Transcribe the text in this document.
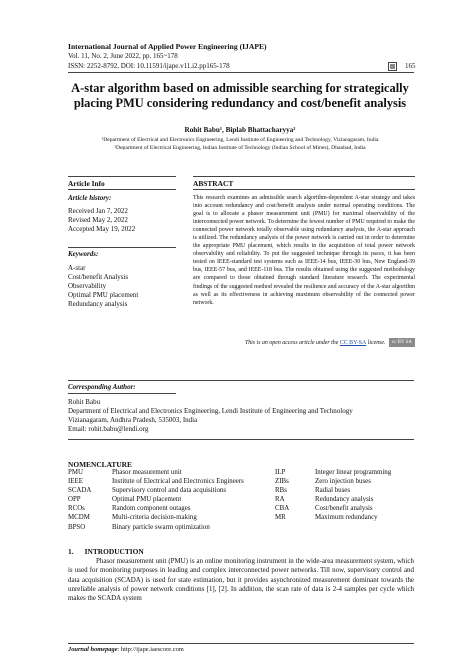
International Journal of Applied Power Engineering (IJAPE)
Vol. 11, No. 2, June 2022, pp. 165~178
ISSN: 2252-8792, DOI: 10.11591/ijape.v11.i2.pp165-178	165
A-star algorithm based on admissible searching for strategically placing PMU considering redundancy and cost/benefit analysis
Rohit Babu¹, Biplab Bhattacharyya²
¹Department of Electrical and Electronics Engineering, Lendi Institute of Engineering and Technology, Vizianagaram, India
²Department of Electrical Engineering, Indian Institute of Technology (Indian School of Mines), Dhanbad, India
Article Info	ABSTRACT
Article history:
Received Jan 7, 2022
Revised May 2, 2022
Accepted May 19, 2022
Keywords:
A-star
Cost/benefit Analysis
Observability
Optimal PMU placement
Redundancy analysis
This research examines an admissible search algorithm-dependent A-star strategy and takes into account redundancy and cost/benefit analysis under normal operating conditions. The goal is to allocate a phasor measurement unit (PMU) for maximal observability of the interconnected power network. To determine the fewest number of PMU required to make the connected power network totally observable using redundancy analysis, the A-star approach is utilized. The redundancy analysis of the power network is carried out in order to determine the appropriate PMU placement, which results in the acquisition of total power network observability and reliability. To put the suggested technique through its paces, it has been tested on IEEE-standard test systems such as IEEE-14 bus, IEEE-30 bus, New England-39 bus, IEEE-57 bus, and IEEE-118 bus. The results obtained using the suggested methodology are compared to those obtained through standard literature research. The experimental findings of the suggested method revealed the resilience and accuracy of the A-star algorithm as well as its effectiveness in achieving maximum observability of the connected power network.
This is an open access article under the CC BY-SA license. cc BY SA
Corresponding Author:
Rohit Babu
Department of Electrical and Electronics Engineering, Lendi Institute of Engineering and Technology
Vizianagaram, Andhra Pradesh, 535003, India
Email: rohit.babu@lendi.org
NOMENCLATURE
PMU	Phasor measurement unit
IEEE	Institute of Electrical and Electronics Engineers
SCADA	Supervisory control and data acquisitions
OPP	Optimal PMU placement
RCOs	Random component outages
MCDM	Multi-criteria decision-making
BPSO	Binary particle swarm optimization
ILP	Integer linear programming
ZIBs	Zero injection buses
RBs	Radial buses
RA	Redundancy analysis
CBA	Cost/benefit analysis
MR	Maximum redundancy
1.      INTRODUCTION
Phasor measurement unit (PMU) is an online monitoring instrument in the wide-area measurement system, which is used for monitoring purposes in leading and complex interconnected power networks. Till now, supervisory control and data acquisition (SCADA) is used for state estimation, but it provides asynchronized measurement dominant towards the unreliable analysis of power network conditions [1], [2]. In addition, the scan rate of data is 2-4 samples per cycle which makes the SCADA system
Journal homepage: http://ijape.iaescore.com
